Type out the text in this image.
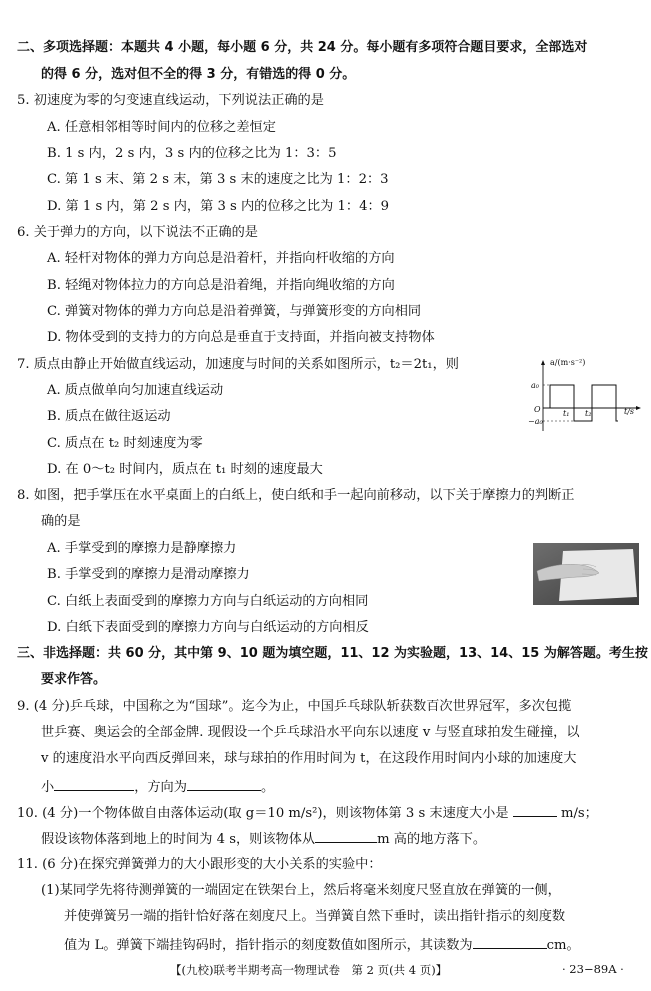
二、多项选择题：本题共 4 小题，每小题 6 分，共 24 分。每小题有多项符合题目要求，全部选对
的得 6 分，选对但不全的得 3 分，有错选的得 0 分。
5. 初速度为零的匀变速直线运动，下列说法正确的是
A. 任意相邻相等时间内的位移之差恒定
B. 1 s 内，2 s 内，3 s 内的位移之比为 1：3：5
C. 第 1 s 末、第 2 s 末，第 3 s 末的速度之比为 1：2：3
D. 第 1 s 内，第 2 s 内，第 3 s 内的位移之比为 1：4：9
6. 关于弹力的方向，以下说法不正确的是
A. 轻杆对物体的弹力方向总是沿着杆，并指向杆收缩的方向
B. 轻绳对物体拉力的方向总是沿着绳，并指向绳收缩的方向
C. 弹簧对物体的弹力方向总是沿着弹簧，与弹簧形变的方向相同
D. 物体受到的支持力的方向总是垂直于支持面，并指向被支持物体
7. 质点由静止开始做直线运动，加速度与时间的关系如图所示，t₂＝2t₁，则
A. 质点做单向匀加速直线运动
B. 质点在做往返运动
C. 质点在 t₂ 时刻速度为零
D. 在 0～t₂ 时间内，质点在 t₁ 时刻的速度最大
a/(m·s⁻²)
t/s
O
a₀
−a₀
t₁ t₂
8. 如图，把手掌压在水平桌面上的白纸上，使白纸和手一起向前移动，以下关于摩擦力的判断正
确的是
A. 手掌受到的摩擦力是静摩擦力
B. 手掌受到的摩擦力是滑动摩擦力
C. 白纸上表面受到的摩擦力方向与白纸运动的方向相同
D. 白纸下表面受到的摩擦力方向与白纸运动的方向相反
三、非选择题：共 60 分，其中第 9、10 题为填空题，11、12 为实验题，13、14、15 为解答题。考生按
要求作答。
9. (4 分)乒乓球，中国称之为“国球”。迄今为止，中国乒乓球队斩获数百次世界冠军，多次包揽
世乒赛、奥运会的全部金牌. 现假设一个乒乓球沿水平向东以速度 v 与竖直球拍发生碰撞，以
v 的速度沿水平向西反弹回来，球与球拍的作用时间为 t，在这段作用时间内小球的加速度大
小	，方向为	。
10. (4 分)一个物体做自由落体运动(取 g＝10 m/s²)，则该物体第 3 s 末速度大小是	m/s；
假设该物体落到地上的时间为 4 s，则该物体从	m 高的地方落下。
11. (6 分)在探究弹簧弹力的大小跟形变的大小关系的实验中：
(1)某同学先将待测弹簧的一端固定在铁架台上，然后将毫米刻度尺竖直放在弹簧的一侧，
并使弹簧另一端的指针恰好落在刻度尺上。当弹簧自然下垂时，读出指针指示的刻度数
值为 L。弹簧下端挂钩码时，指针指示的刻度数值如图所示，其读数为	cm。
【(九校)联考半期考高一物理试卷　第 2 页(共 4 页)】	· 23−89A ·
